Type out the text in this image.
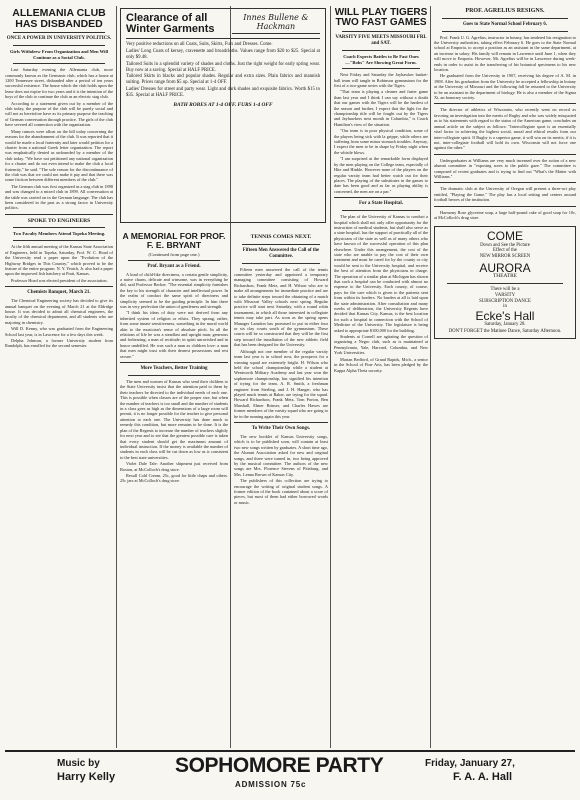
ALLEMANIA CLUB HAS DISBANDED
ONCE A POWER IN UNIVERSITY POLITICS.
Girls Withdrew From Organization and Men Will Continue as a Social Club.

Last Saturday evening the Allemania club, more commonly known as the Germanic club, which has a house at 1200 Tennessee street, disbanded after a period of ten years successful existence. The house which the club holds upon the lease does not expire for two years and it is the intention of the boys of the club to continue the club as an electric stag club.

According to a statement given out by a member of the club today, the purpose of the club will be purely social and will not as heretofore have as its primary purpose the teaching of German conversation through practice. The girls of the club have severed all connection with the organization.

Many rumors were afloat on the hill today concerning the reasons for the abandonment of the club. It was reported that it would be made a local fraternity and later would petition for a charter from a national Greek letter organization. The report was emphatically denied as unfounded by a member of the club today. "We have not petitioned any national organization for a charter and do not even intend to make the club a local fraternity," he said. "The sole reason for the discontinuance of the club was that we could not make it pay and that there was some friction between different members of the club."

The German club was first organized as a stag club in 1898 and was changed to a mixed club in 1899. All conversation at the table was carried on in the German language. The club has been considered in the past as a strong factor in University politics.

SPOKE TO ENGINEERS
Two Faculty Members Attend Topeka Meeting.

At the fifth annual meeting of the Kansas State Association of Engineers, held in Topeka, Saturday, Prof. W. C. Hoad of the University read a paper upon the "Evolution of the Highway Bridges in This Country," which proved to be the feature of the entire program. N. Y. Yeatch, Jr. also had a paper upon the improved fish hatchery at Pratt, Kansas.

Professor Hoad was elected president of the association.

Chemists Banquet, March 21.

The Chemical Engineering society has decided to give its annual banquet on the evening of March 21 at the Eldridge house. It was decided to admit all chemical engineers, the faculty of the chemical department, and all students who are majoring in chemistry.

Will D. Kenny, who was graduated from the Engineering School last year, is in Lawrence for a few days this week.

Delpha Johnson, a former University student from Randolph, has enrolled for the second semester.

Clearance of all Winter Garments
Innes Bullene & Hackman

Very positive reductions on all Coats, Suits, Skirts, Furs and Dresses. Come.

Ladies' Long Coats of kersey, cravenette and broadcloths. Values range from $20 to $25. Special at only $9.48.

Tailored Suits in a splendid variety of shades and cloths. Just the right weight for early spring wear. Buy now at a saving. Special at HALF PRICE.

Tailored Skirts in blacks and popular shades. Regular and extra sizes. Plain fabrics and mannish suiting. Prices range from $5 up. Special at 1-4 OFF.

Ladies' Dresses for street and party wear. Light and dark shades and exquisite fabrics. Worth $15 to $35. Special at HALF PRICE.

BATH ROBES AT 1-4 OFF. FURS 1-4 OFF
A MEMORIAL FOR PROF. F. E. BRYANT
(Continued from page one.)
Prof. Bryant as a Friend.

A kind of child-like directness, a certain gentle simplicity, a naive charm, delicate and winsome, was in everything he did, said Professor Becker. "The essential simplicity furnishes the key to his strength of character and intellectual power. In the realm of conduct the same spirit of directness and simplicity seemed to be the guiding principle. In him there was in very perfection the union of gentleness and strength.

"I think his ideas of duty were not derived from any inherited system of religion or ethics. They sprang, rather, from some innate sensitiveness, something in the moral world akin to the musician's sense of absolute pitch. In all the relations of life he was a steadfast and upright man; generous and forbearing; a man of rectitude; in spirit unravished and in honor undefiled. He was such a man as children love: a man that men might trust with their dearest possessions and rest secure."

More Teachers, Better Training

The men and women of Kansas who send their children to the State University insist that the attention paid to them by their teachers be directed to the individual needs of each one. This is possible when classes are of the proper size, but when the number of teachers is too small and the number of students in a class goes as high as the dimensions of a large room will permit, it is no longer possible for the teacher to give personal attention to each one. The University has done much to remedy this condition, but more remains to be done. It is the plan of the Regents to increase the number of teachers slightly for next year and to see that the greatest possible care is taken that every student should get the maximum amount of individual instruction. If the money is available the number of students in each class will be cut down as low as is consistent to the best state universities.

Violet Dale Tale: Another shipment just received from Boston, at McColloch's drug store.

Rexall Cold Cream, 25c, good for little chaps and others. 25c jars at McColloch's drug store.

TENNIS COMES NEXT.
Fifteen Men Answered the Call of the Committee.

Fifteen men answered the call of the tennis committee yesterday and appointed a temporary managing committee consisting of Howard Richardson, Frank Metz, and H. Wilson who are to make all arrangements for immediate practice and are to take definite steps toward the obtaining of a match with Missouri Valley schools next spring. Regular practice will start next Saturday, with a round robin tournament, in which all those interested in collegiate tennis may take part. As soon as the spring opens Manager Lansdon has promised to put in either four or six clay courts south of the gymnasium. These courts will be so constructed that they will be the first step toward the installation of the new athletic field that has been designed for the University.

Although not one member of the regular varsity team last year is in school now, the prospects for a winning squad are extremely bright. H. Wilson who held the school championship while a student at Wentworth Military Academy and last year won the sophomore championship, has signified his intention of trying for the team. A. R. Smith, a freshman engineer from Sterling, and J. H. Hanger, who has played much tennis at Baker, are trying for the squad. Howard Richardson, Frank Metz, Tom Porton, Ben Marshall, Elmer Brinser, and Charles Hawes are former members of the varsity squad who are going to be in the running again this year.

To Write Their Own Songs.

The new booklet of Kansas University songs, which is to be published soon, will contain at least two new songs written by graduates. A short time ago, the Alumni Association asked for new and original songs, and three were turned in, two being approved by the musical committee. The authors of the new songs are Mrs. Florence Stevens of Pittsburg, and Mrs. Lenna Brown of Kansas City.

The publishers of this collection are trying to encourage the writing of original student songs. A former edition of the book contained about a score of pieces, but most of them had either borrowed words or music.

WILL PLAY TIGERS TWO FAST GAMES
VARSITY FIVE MEETS MISSOURI FRI. and SAT.
Coach Expects Battles to Be Fast Ones—"Bobs" Are Showing Great Form.

Next Friday and Saturday the Jayhawker basket-ball team will tangle in Robinson gymnasium for the first of a two-game series with the Tigers.

"That team is playing a cleaner and faster game than last year and I think I can say without a doubt that our games with the Tigers will be the hardest of the season and further, I expect that the fight for the championship title will be fought out by the Tigers and Jayhawkers next month in Columbia," is Coach Hamilton's view of the situation.

"Our team is in poor physical condition, some of the players being sick with la grippe, while others are suffering from some minor stomach troubles. Anyway, I expect the men to be in shape by Friday night when the whistle blows.

"I am surprised at the remarkable form displayed by the men playing on the College team, especially of Hite and Hinkle. However none of the players on the regular varsity team had better watch out for their places. The playing of the substitutes in the games to date has been good and as far as playing ability is concerned, the men are on a par."

For a State Hospital.

The plan of the University of Kansas to conduct a hospital which shall not only offer opportunity for the instruction of medical students, but shall also serve as a state hospital, has the support of practically all of the physicians of the state as well as of many others who have known of the successful operation of this plan elsewhere. Under this arrangement, the cost of the state who are unable to pay the cost of their own treatment and must be cared for by the county or city would be sent to the University hospital, and receive the best of attention from the physicians in charge. The operation of a similar plan at Michigan has shown that such a hospital can be conducted with almost no expense to the University. Each county, of course, pays for the care which is given to the patients sent from within its borders. No burden at all is laid upon the state administration. After consultation and many weeks of deliberation, the University Regents have decided that Kansas City, Kansas, is the best location for such a hospital in connection with the School of Medicine of the University. The legislature is being asked to appropriate $100,000 for the building.

Students at Cornell are agitating the question of organizing a Negro club, such as is maintained at Pennsylvania, Yale, Harvard, Columbia, and New York Universities.

Marian Bedford, of Grand Rapids, Mich., a senior in the School of Fine Arts, has been pledged by the Kappa Alpha Theta sorority.

PROF. AGRELIUS RESIGNS.
Goes to State Normal School February 6.

Prof. Frank U. G. Agrelius, instructor in botany, has tendered his resignation to the University authorities, taking effect February 6. He goes to the State Normal school at Emporia, to accept a position as an assistant in the same department, at an increase in salary. His family will remain in Lawrence until June 1, when they will move to Emporia. However, Mr. Agrelius will be in Lawrence during week-ends in order to assist in the transferring of his botanical specimens to his new location.

He graduated from the University in 1907, receiving his degree of A. M. in 1908. After his graduation from the University he accepted a fellowship in botany at the University of Missouri and the following fall he returned to the University to be an assistant in the department of biology. He is also a member of the Sigma Xi, an honorary society.

The director of athletics of Wisconsin, who recently went on record as favoring an investigation into the merits of Rugby and who was widely misquoted as to his statements with regard to the status of the American game, concludes an annual article on the subject as follows: "Intercollegiate sport is an essentially vital factor in achieving the highest social, moral and ethical results from our inter-collegiate spirit. If Rugby is a superior game, it will win on its merits; if it is not, inter-collegiate football will hold its own. Wisconsin will not force one against the other."

Undergraduates at Williams are very much incensed over the action of a new alumni committee in "exposing sores to the public gaze." The committee is composed of recent graduates and is trying to find out "What's the Matter with Williams."

The dramatic club at the University of Oregon will present a three-act play entitled, "Playing the Game." The play has a local setting and centers around football heroes of the institution.

Harmony Rose glycerine soap, a large half-pound cake of good soap for 10c, at McColloch's drug store.

COME
Down and See the Picture
Effect of the
NEW MIRROR SCREEN
AURORA
THEATRE
There will be a
VARSITY
SUBSCRIPTION DANCE
in
Ecke's Hall
Saturday, January 28.
DON'T FORGET the Matinee Dance, Saturday Afternoon.
Music by
Harry Kelly	SOPHOMORE PARTY
ADMISSION 75c
Friday, January 27,
F. A. A. Hall
